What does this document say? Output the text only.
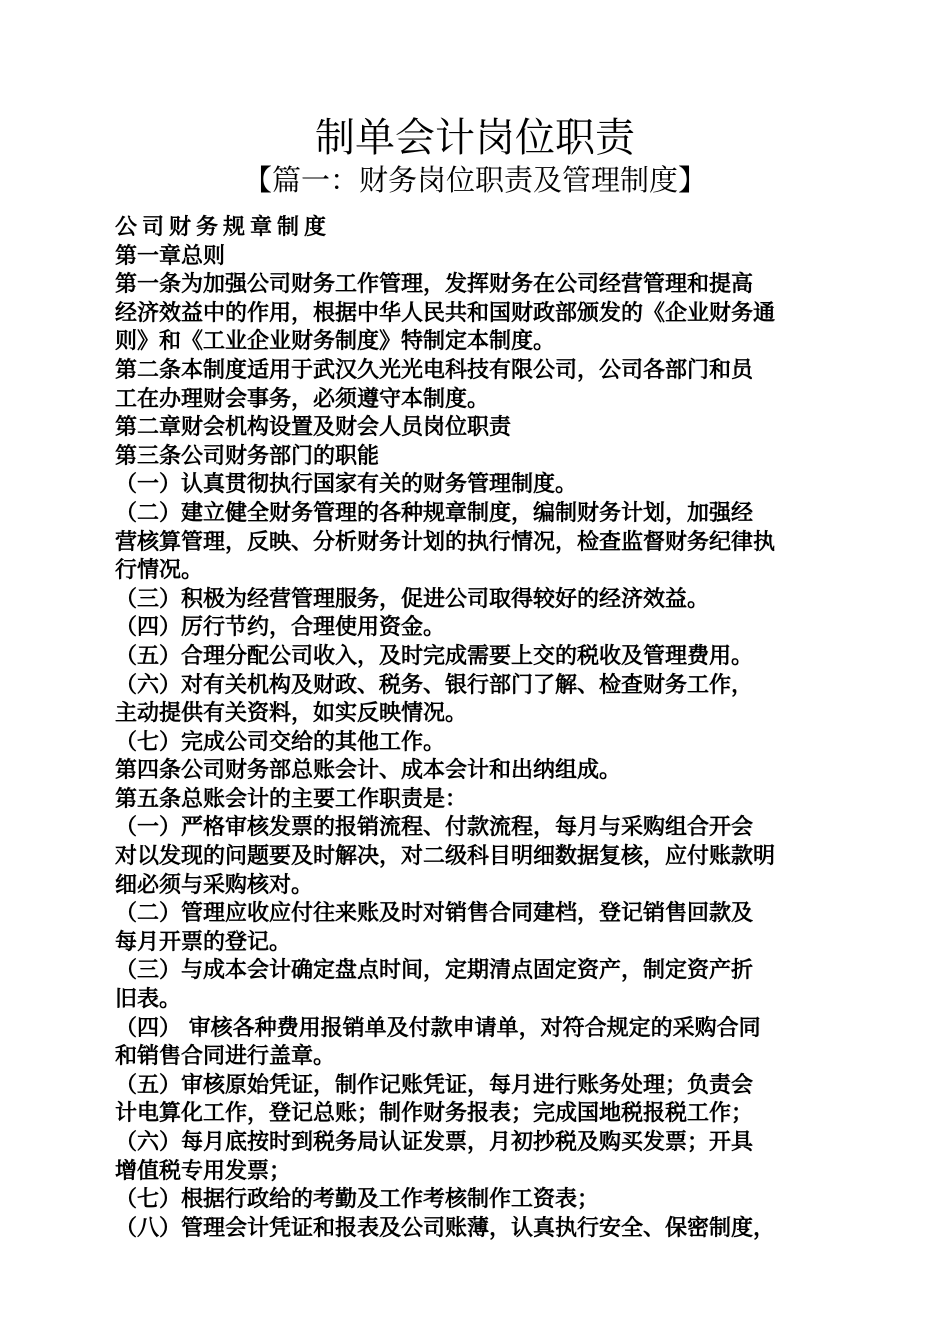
制单会计岗位职责
【篇一：财务岗位职责及管理制度】

公司财务规章制度

第一章总则

第一条为加强公司财务工作管理，发挥财务在公司经营管理和提高

经济效益中的作用，根据中华人民共和国财政部颁发的《企业财务通

则》和《工业企业财务制度》特制定本制度。

第二条本制度适用于武汉久光光电科技有限公司，公司各部门和员

工在办理财会事务，必须遵守本制度。

第二章财会机构设置及财会人员岗位职责

第三条公司财务部门的职能

（一）认真贯彻执行国家有关的财务管理制度。

（二）建立健全财务管理的各种规章制度，编制财务计划，加强经

营核算管理，反映、分析财务计划的执行情况，检查监督财务纪律执

行情况。

（三）积极为经营管理服务，促进公司取得较好的经济效益。

（四）厉行节约，合理使用资金。

（五）合理分配公司收入，及时完成需要上交的税收及管理费用。

（六）对有关机构及财政、税务、银行部门了解、检查财务工作，

主动提供有关资料，如实反映情况。

（七）完成公司交给的其他工作。

第四条公司财务部总账会计、成本会计和出纳组成。

第五条总账会计的主要工作职责是：

（一）严格审核发票的报销流程、付款流程，每月与采购组合开会

对以发现的问题要及时解决，对二级科目明细数据复核，应付账款明

细必须与采购核对。

（二）管理应收应付往来账及时对销售合同建档，登记销售回款及

每月开票的登记。

（三）与成本会计确定盘点时间，定期清点固定资产，制定资产折

旧表。

（四） 审核各种费用报销单及付款申请单，对符合规定的采购合同

和销售合同进行盖章。

（五）审核原始凭证，制作记账凭证，每月进行账务处理；负责会

计电算化工作，登记总账；制作财务报表；完成国地税报税工作；

（六）每月底按时到税务局认证发票，月初抄税及购买发票；开具

增值税专用发票；

（七）根据行政给的考勤及工作考核制作工资表；

（八）管理会计凭证和报表及公司账薄，认真执行安全、保密制度，
